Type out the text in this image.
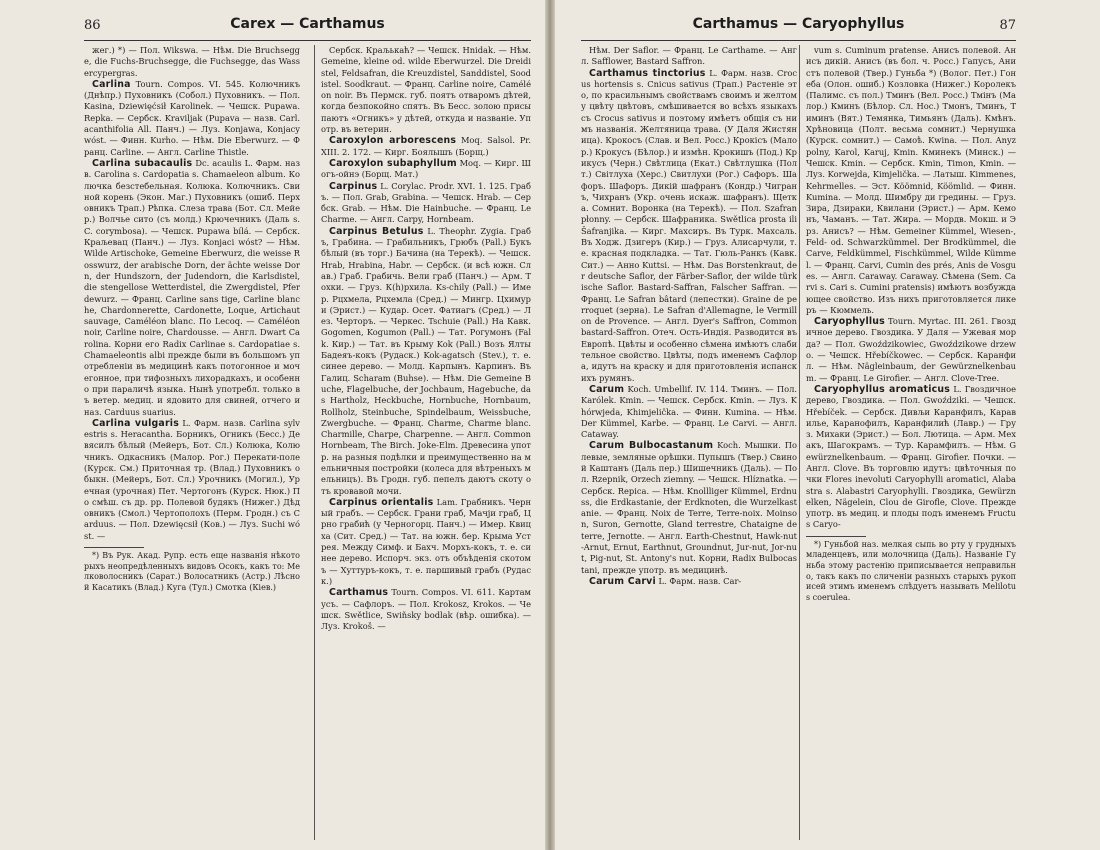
86	Carex — Carthamus

жег.) *) — Пол. Wikswa. — Нѣм. Die Bruchsegge, die Fuchs-Bruchsegge, die Fuchsegge, das Wassercypergras.

Carlina Tourn. Compos. VI. 545. Колючникъ (Днѣпр.) Пуховникъ (Собол.) Пуховникъ. — Пол. Kasina, Dziewięćsił Karolinek. — Чешск. Pupawa. Repka. — Сербск. Kraviljak (Pupava — назв. Carl. acanthifolia All. Панч.) — Луз. Konjawa, Konjacy wóst. — Финн. Kurho. — Нѣм. Die Eberwurz. — Франц. Carline. — Англ. Carline Thistle.

Carlina subacaulis Dc. acaulis L. Фарм. назв. Carolina s. Cardopatia s. Chamaeleon album. Колючка безстебельная. Колюка. Колючникъ. Свиной корень (Экон. Маг.) Пуховникъ (ошиб. Перховникъ Трап.) Рѣпка. Слеза трава (Бот. Сл. Мейер.) Волчье сито (съ молд.) Крючечникъ (Даль s. C. corymbosa). — Чешск. Pupawa bílá. — Сербск. Краљевац (Панч.) — Луз. Konjaci wóst? — Нѣм. Wilde Artischoke, Gemeine Eberwurz, die weisse Rosswurz, der arabische Dorn, der ächte weisse Dorn, der Hundszorn, der Judendorn, die Karlsdistel, die stengellose Wetterdistel, die Zwergdistel, Pferdewurz. — Франц. Carline sans tige, Carline blanche, Chardonnerette, Cardonette, Loque, Artichaut sauvage, Caméléon blanc. По Lecoq. — Caméléon noir, Carline noire, Chardousse. — Англ. Dwart Carolina. Корни его Radix Carlinae s. Cardopatiae s. Chamaeleontis albi прежде были въ большомъ употребленіи въ медицинѣ какъ потогонное и мочегонное, при тифозныхъ лихорадкахъ, и особенно при параличѣ языка. Нынѣ употребл. только въ ветер. медиц. и ядовито для свиней, отчего и наз. Carduus suarius.

Carlina vulgaris L. Фарм. назв. Carlina sylvestris s. Heracantha. Борникъ, Огникъ (Бесс.) Девясилъ бѣлый (Мейеръ, Бот. Сл.) Колюка, Колючникъ. Одкасникъ (Малор. Рог.) Перекати-поле (Курск. См.) Приточная тр. (Влад.) Пуховникъ обыкн. (Мейеръ, Бот. Сл.) Урочникъ (Могил.), Уречная (урочная) Пет. Чертогонъ (Курск. Нюк.) По смѣш. съ др. рр. Полевой будякъ (Нижег.) Дѣдовникъ (Смол.) Чертополохъ (Перм. Гродн.) съ Carduus. — Пол. Dzewięcsił (Ков.) — Луз. Suchi wóst. —

*) Въ Рук. Акад. Рупр. есть еще названія нѣкоторыхъ неопредѣленныхъ видовъ Осокъ, какъ то: Мелковолосникъ (Сарат.) Волосатникъ (Астр.) Лѣсной Касатикъ (Влад.) Куга (Тул.) Смотка (Кіев.)

Сербск. Краљькаћ? — Чешск. Hnidak. — Нѣм. Gemeine, kleine od. wilde Eberwurzel. Die Dreidistel, Feldsafran, die Kreuzdistel, Sanddistel, Soodistel. Soodkraut. — Франц. Carline noire, Caméléon noir. Въ Пермск. губ. поятъ отваромъ дѣтей, когда безпокойно спятъ. Въ Бесс. золою присыпаютъ «Огникъ» у дѣтей, откуда и названіе. Употр. въ ветерин.

Carоxylon arborescens Moq. Salsol. Pr. XIII. 2. 172. — Кирг. Боялышъ (Борщ.)

Caroxylon subaphyllum Moq. — Кирг. Шогъ-ойнэ (Борщ. Мат.)

Carpinus L. Corylac. Prodr. XVI. 1. 125. Грабъ. — Пол. Grab, Grabina. — Чешск. Hrab. — Сербск. Grab. — Нѣм. Die Hainbuche. — Франц. Le Charme. — Англ. Carpy, Hornbeam.

Carpinus Betulus L. Theophr. Zygia. Грабъ, Грабина. — Грабильникъ, Грюбъ (Pall.) Букъ бѣлый (въ торг.) Бачина (на Терекѣ). — Чешск. Hrab, Hrabina, Habr. — Сербск. (и всѣ южн. Слав.) Граб. Грабичь. Вели граб (Панч.) — Арм. Тохки. — Груз. К(h)рхила. Ks-chily (Pall.) — Имер. Рцхмела, Рцхемла (Сред.) — Мингр. Цхимури (Эрист.) — Кудар. Осет. Фатиагъ (Сред.) — Лез. Черторъ. — Черкес. Tschuie (Pall.) На Кавк. Gogomen, Kogumon (Pall.) — Тат. Рогумонъ (Falk. Кир.) — Тат. въ Крыму Kok (Pall.) Возъ Ялты Бадеяъ-кокъ (Рудаск.) Kok-agatsch (Stev.), т. е. синее дерево. — Молд. Карпынъ. Карпинъ. Въ Галиц. Scharam (Buhse). — Нѣм. Die Gemeine Buche, Flagelbuche, der Jochbaum, Hagebuche, das Hartholz, Heckbuche, Hornbuche, Hornbaum, Rollholz, Steinbuche, Spindelbaum, Weissbuche, Zwergbuche. — Франц. Charme, Charme blanc. Charmille, Charpe, Charpenne. — Англ. Common Hornbeam, The Birch. Joke-Elm. Древесина употр. на разныя подѣлки и преимущественно на мельничныя постройки (колеса для вѣтреныхъ мельницъ). Въ Гродн. губ. пепелъ даютъ скоту отъ кровавой мочи.

Carpinus orientalis Lam. Грабникъ. Черный грабъ. — Сербск. Грани граб, Мачји граб, Црно грабић (у Черногорц. Панч.) — Имер. Квицха (Сит. Сред.) — Тат. на южн. бер. Крыма Устрея. Между Симф. и Бахч. Морхъ-кокъ, т. е. синее дерево. Испорч. экз. отъ объѣденія скотомъ — Хуттуръ-кокъ, т. е. паршивый грабъ (Рудаск.)

Carthamus Tourn. Compos. VI. 611. Картамусъ. — Сафлоръ. — Пол. Krokosz, Krokos. — Чешск. Swětlice, Swiňsky bodlak (вѣр. ошибка). — Луз. Krokoš. —

Carthamus — Caryophyllus	87

Нѣм. Der Saflor. — Франц. Le Carthame. — Англ. Safflower, Bastard Saffron.

Carthamus tinctorius L. Фарм. назв. Crocus hortensis s. Cnicus sativus (Трап.) Растеніе это, по красильнымъ свойствамъ своимъ и желтому цвѣту цвѣтовъ, смѣшивается во всѣхъ языкахъ съ Crocus sativus и поэтому имѣетъ общія съ нимъ названія. Желтяница трава. (У Даля Жистяница). Крокосъ (Слав. и Вел. Росс.) Крокісъ (Малор.) Крокусъ (Бѣлор.) и измѣн. Крокишъ (Под.) Крикусъ (Черн.) Свѣтлица (Екат.) Свѣтлушка (Полт.) Світлуха (Херс.) Свитлухи (Рог.) Сафоръ. Шафоръ. Шафоръ. Дикій шафранъ (Кондр.) Чигранъ, Чихранъ (Укр. очень искаж. шафранъ). Щетка. Сомнит. Воронка (на Терекѣ). — Пол. Szafran płonny. — Сербск. Шафраника. Swětlica prosta ili Šafranjika. — Кирг. Махсиръ. Въ Турк. Махсаль. Въ Ходж. Дзигеръ (Кир.) — Груз. Алисарчули, т. е. красная подкладка. — Тат. Гюль-Ранкъ (Кавк. Сит.) — Анно Kuttsi. — Нѣм. Das Borstenkraut, der deutsche Saflor, der Färber-Saflor, der wilde türkische Saflor. Bastard-Saffran, Falscher Saffran. — Франц. Le Safran bâtard (лепестки). Graine de perroquet (зерна). Le Safran d'Allemagne, le Vermillon de Provence. — Англ. Dyer's Saffron, Common bastard-Saffron. Отеч. Ость-Индія. Разводится въ Европѣ. Цвѣты и особенно сѣмена имѣютъ слабительное свойство. Цвѣты, подъ именемъ Сафлора, идутъ на краску и для приготовленія испанскихъ румянъ.

Carum Koch. Umbellif. IV. 114. Тминъ. — Пол. Karólek. Kmin. — Чешск. Сербск. Kmin. — Луз. Khórwjeda, Khimjelička. — Финн. Kumina. — Нѣм. Der Kümmel, Karbe. — Франц. Le Carvi. — Англ. Cataway.

Carum Bulbocastanum Koch. Мышки. Полевые, земляные орѣшки. Пупышъ (Твер.) Свиной Каштанъ (Даль пер.) Шишечникъ (Даль). — Пол. Rzepnik, Orzech ziemny. — Чешск. Hlíznatka. — Сербск. Repica. — Нѣм. Knollliger Kümmel, Erdnuss, die Erdkastanie, der Erdknoten, die Wurzelkastanie. — Франц. Noix de Terre, Terre-noix. Moinson, Suron, Gernotte, Gland terrestre, Chataigne de terre, Jernotte. — Англ. Earth-Chestnut, Hawk-nut-Arnut, Ernut, Earthnut, Groundnut, Jur-nut, Jor-nut, Pig-nut, St. Antony's nut. Корни, Radix Bulbocastani, прежде употр. въ медицинѣ.

Carum Carvi L. Фарм. назв. Car-

vum s. Cuminum pratense. Анисъ полевой. Анисъ дикій. Анисъ (въ бол. ч. Росс.) Гапусъ, Анистъ полевой (Твер.) Гуньба *) (Волог. Пет.) Гонеба (Олон. ошиб.) Козловка (Нижег.) Королекъ (Палимс. съ пол.) Тминъ (Вел. Росс.) Тмінъ (Малор.) Кминъ (Бѣлор. Сл. Нос.) Тмонъ, Тминъ, Тиминъ (Вят.) Темянка, Тимьянъ (Даль). Кмѣнъ. Хрѣновица (Полт. весьма сомнит.) Чернушка (Курск. сомнит.) — Самоѣ. Kwina. — Пол. Anyz polny, Karol, Karuj, Kmin. Кминекъ (Минск.) — Чешск. Kmin. — Сербск. Kmin, Timon, Kmin. — Луз. Korwejda, Kimjelička. — Латыш. Kimmenes, Kehrmelles. — Эст. Köömnid, Köömlid. — Финн. Kumina. — Молд. Шимбру ди гредины. — Груз. Зира, Дзираки, Квилани (Эрист.) — Арм. Кемонъ, Чаманъ. — Тат. Жира. — Мордв. Мокш. и Эрз. Анисъ? — Нѣм. Gemeiner Kümmel, Wiesen-, Feld- od. Schwarzkümmel. Der Brodkümmel, die Carve, Feldkümmel, Fischkümmel, Wilde Kümmel. — Франц. Carvi, Cumin des prés, Anis de Vosgues. — Англ. Caraway. Caraway. Сѣмена (Sem. Carvi s. Cari s. Cumini pratensis) имѣютъ возбуждающее свойство. Изъ нихъ приготовляется ликеръ — Кюммель.

Caryophyllus Tourn. Myrtac. III. 261. Гвоздичное дерево. Гвоздика. У Даля — Ужевая морда? — Пол. Gwoździkowiec, Gwoździkowe drzewo. — Чешск. Hřebíčkowec. — Сербск. Каранфил. — Нѣм. Nägleinbaum, der Gewürznelkenbaum. — Франц. Le Girofier. — Англ. Clove-Tree.

Caryophyllus aromaticus L. Гвоздичное дерево, Гвоздика. — Пол. Gwoździki. — Чешск. Hřebíček. — Сербск. Дивљи Каранфилъ, Каравилье, Каранофилъ, Каранфилић (Лавр.) — Груз. Михаки (Эрист.) — Бол. Лютица. — Арм. Мехакъ, Шагокрамъ. — Тур. Карамфилъ. — Нѣм. Gewürznelkenbaum. — Франц. Girofier. Почки. — Англ. Clove. Въ торговлю идутъ: цвѣточныя почки Flores inevoluti Caryophylli aromatici, Alabastra s. Alabastri Caryophylli. Гвоздика, Gewürznelken, Nägelein, Clou de Girofle, Clove. Прежде употр. въ медиц. и плоды подъ именемъ Fructus Caryo-

*) Гуньбой наз. мелкая сыпь во рту у грудныхъ младенцевъ, или молочница (Даль). Названіе Гуньба этому растенію приписывается неправильно, такъ какъ по сличеніи разныхъ старыхъ рукописей этимъ именемъ слѣдуетъ называть Melilotus coerulea.
